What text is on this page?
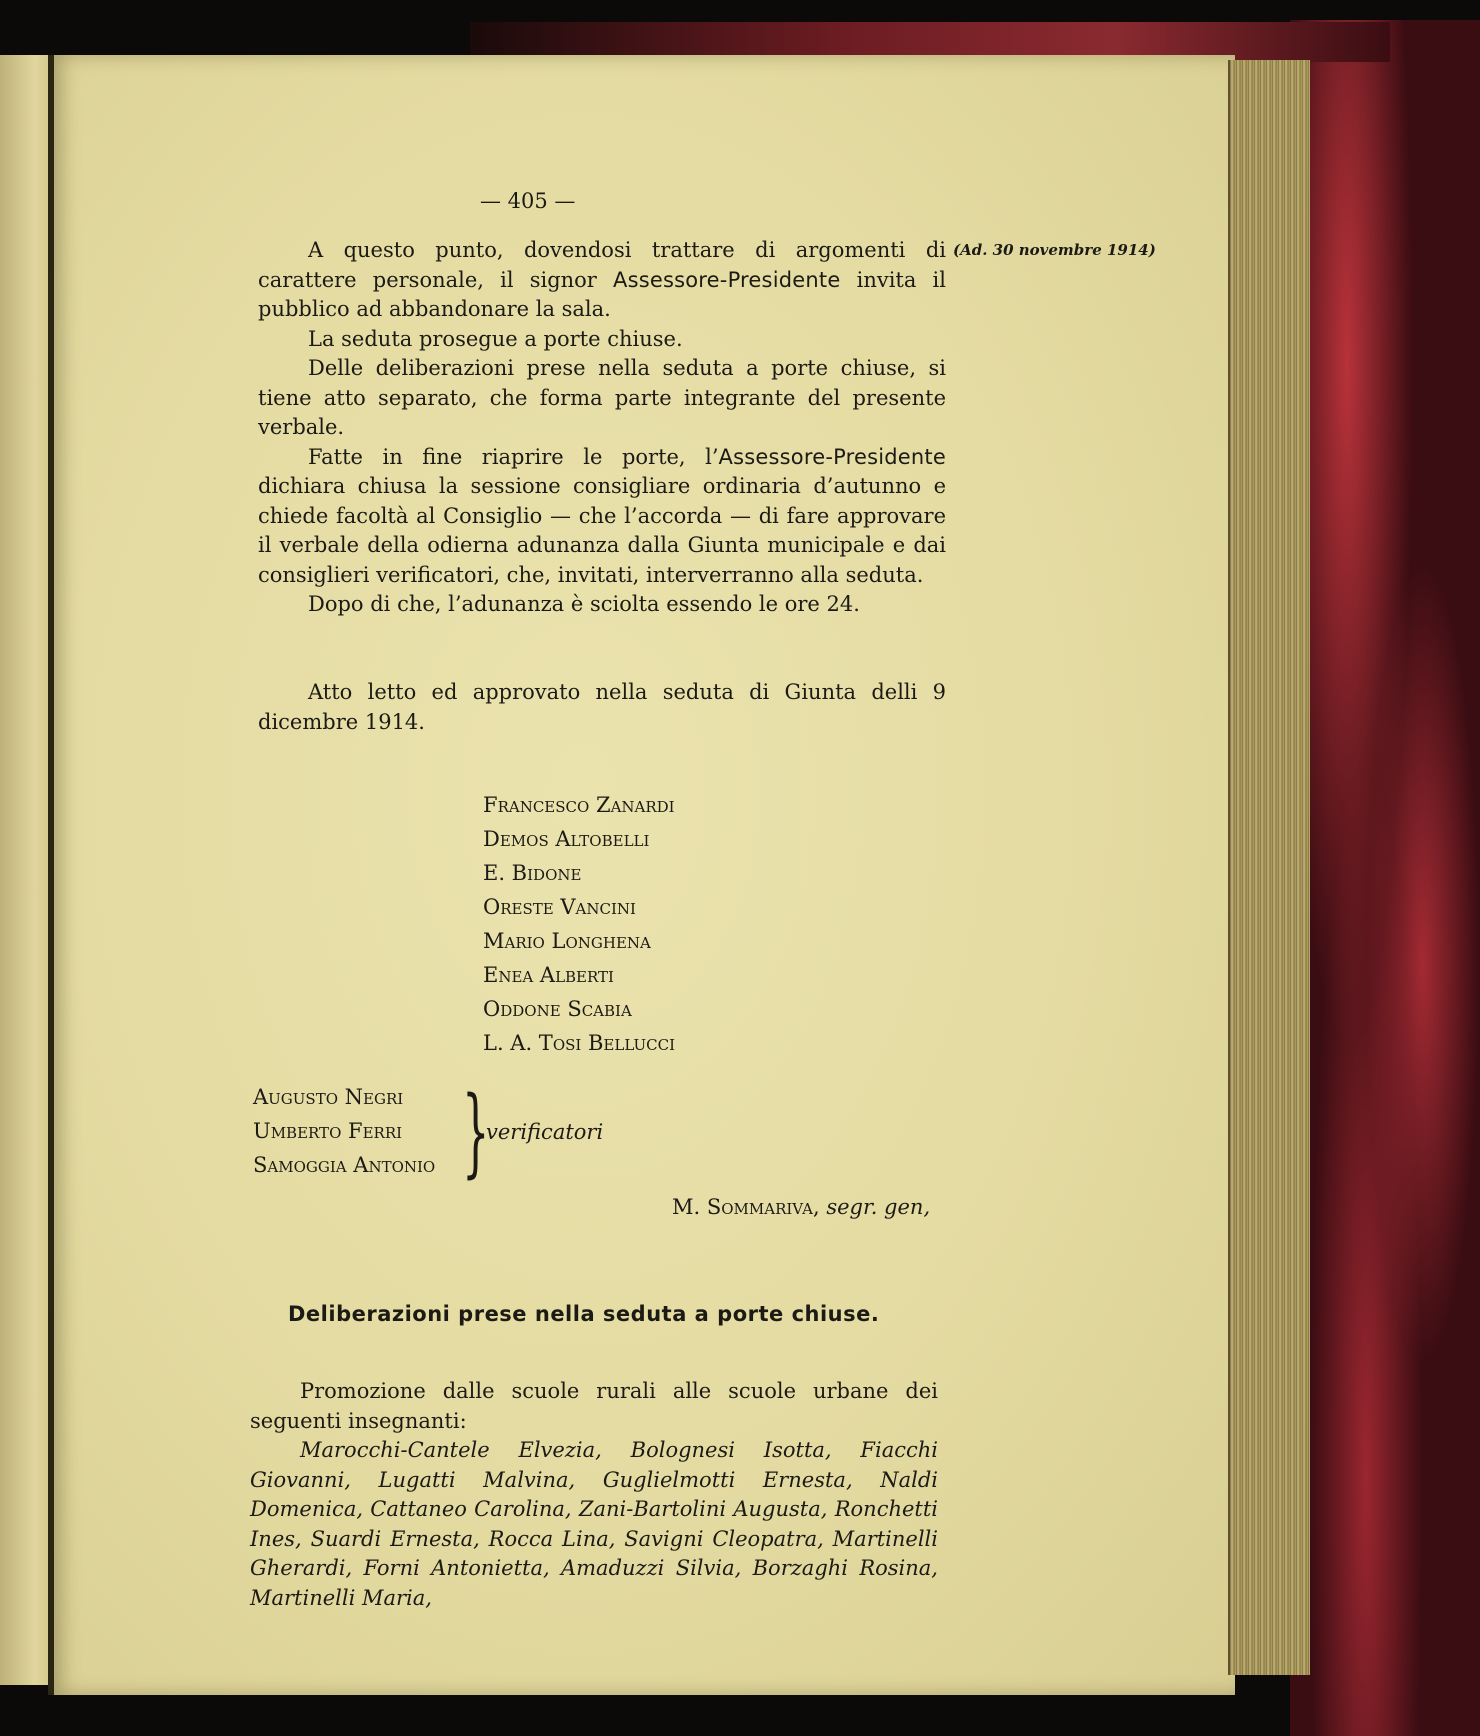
— 405 —
(Ad. 30 novembre 1914)

A questo punto, dovendosi trattare di argomenti di carattere personale, il signor Assessore-Presidente invita il pubblico ad abbandonare la sala.

La seduta prosegue a porte chiuse.

Delle deliberazioni prese nella seduta a porte chiuse, si tiene atto separato, che forma parte integrante del presente verbale.

Fatte in fine riaprire le porte, l’Assessore-Presidente dichiara chiusa la sessione consigliare ordinaria d’autunno e chiede facoltà al Consiglio — che l’accorda — di fare approvare il verbale della odierna adunanza dalla Giunta municipale e dai consiglieri verificatori, che, invitati, interverranno alla seduta.

Dopo di che, l’adunanza è sciolta essendo le ore 24.

Atto letto ed approvato nella seduta di Giunta delli 9 dicembre 1914.

Francesco Zanardi
Demos Altobelli
E. Bidone
Oreste Vancini
Mario Longhena
Enea Alberti
Oddone Scabia
L. A. Tosi Bellucci
Augusto Negri
Umberto Ferri
Samoggia Antonio }
verificatori
M. Sommariva, segr. gen,
Deliberazioni prese nella seduta a porte chiuse.

Promozione dalle scuole rurali alle scuole urbane dei seguenti insegnanti:

Marocchi-Cantele Elvezia, Bolognesi Isotta, Fiacchi Giovanni, Lugatti Malvina, Guglielmotti Ernesta, Naldi Domenica, Cattaneo Carolina, Zani-Bartolini Augusta, Ronchetti Ines, Suardi Ernesta, Rocca Lina, Savigni Cleopatra, Martinelli Gherardi, Forni Antonietta, Amaduzzi Silvia, Borzaghi Rosina, Martinelli Maria,
